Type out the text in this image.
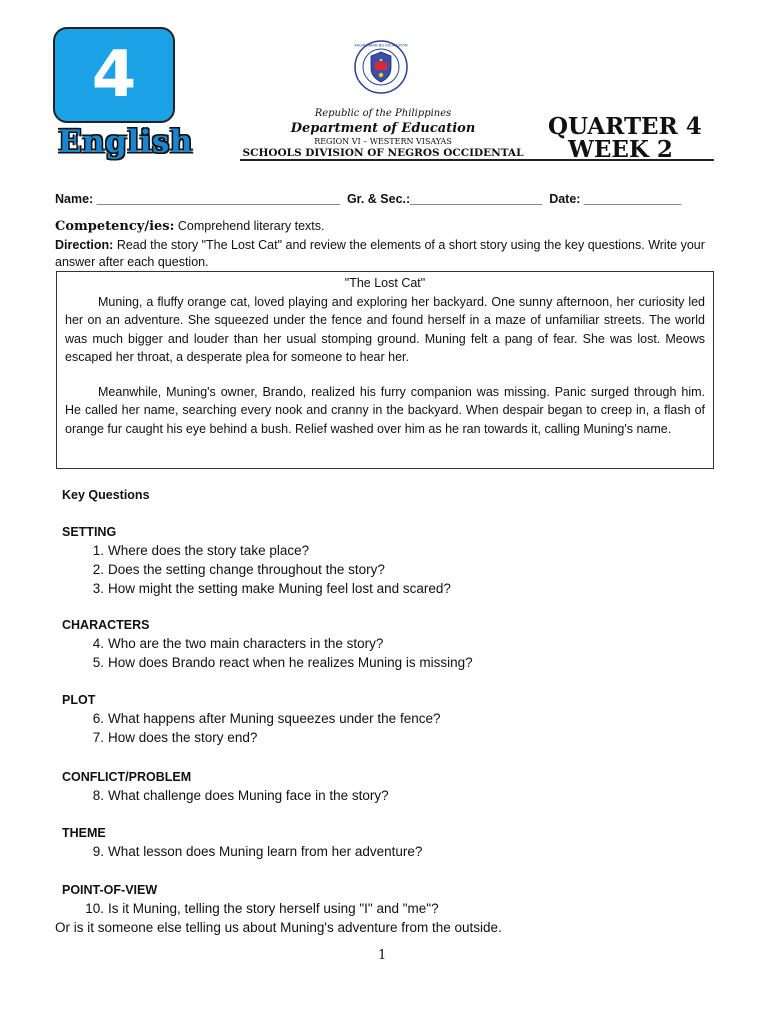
4
English
KAGAWARAN NG EDUKASYON
Republic of the Philippines
Department of Education
REGION VI – WESTERN VISAYAS
SCHOOLS DIVISION OF NEGROS OCCIDENTAL
QUARTER 4
WEEK 2
Name: ___________________________________  Gr. & Sec.:___________________  Date: ______________
Competency/ies: Comprehend literary texts.
Direction: Read the story "The Lost Cat" and review the elements of a short story using the key questions. Write your answer after each question.
"The Lost Cat"

Muning, a fluffy orange cat, loved playing and exploring her backyard. One sunny afternoon, her curiosity led her on an adventure. She squeezed under the fence and found herself in a maze of unfamiliar streets. The world was much bigger and louder than her usual stomping ground. Muning felt a pang of fear. She was lost. Meows escaped her throat, a desperate plea for someone to hear her.

Meanwhile, Muning's owner, Brando, realized his furry companion was missing. Panic surged through him. He called her name, searching every nook and cranny in the backyard. When despair began to creep in, a flash of orange fur caught his eye behind a bush. Relief washed over him as he ran towards it, calling Muning's name.

Key Questions
SETTING
1. Where does the story take place?
2. Does the setting change throughout the story?
3. How might the setting make Muning feel lost and scared?
CHARACTERS
4. Who are the two main characters in the story?
5. How does Brando react when he realizes Muning is missing?
PLOT
6. What happens after Muning squeezes under the fence?
7. How does the story end?
CONFLICT/PROBLEM
8. What challenge does Muning face in the story?
THEME
9. What lesson does Muning learn from her adventure?
POINT-OF-VIEW
10. Is it Muning, telling the story herself using "I" and "me"?
Or is it someone else telling us about Muning's adventure from the outside.
1
